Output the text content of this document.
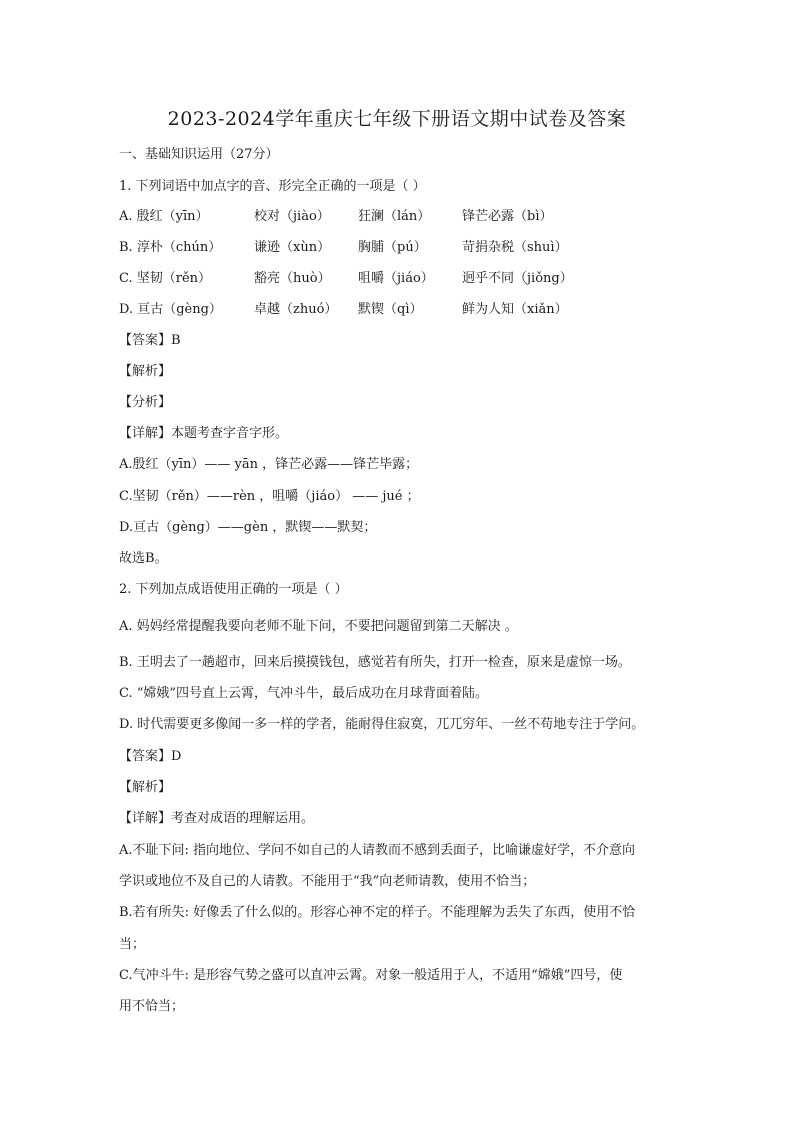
2023-2024学年重庆七年级下册语文期中试卷及答案
一、基础知识运用（27分）
1. 下列词语中加点字的音、形完全正确的一项是（ ）
A. 殷红（yīn）	校对（jiào） 狂澜（lán） 锋芒必露（bì）
B. 淳朴（chún）	谦逊（xùn） 胸脯（pú）	苛捐杂税（shuì）
C. 坚韧（rěn）	豁亮（huò） 咀嚼（jiáo） 迥乎不同（jiǒng）
D. 亘古（gèng） 卓越（zhuó） 默锲（qì）	鲜为人知（xiǎn）
【答案】B
【解析】
【分析】
【详解】本题考查字音字形。
A.殷红（yīn）—— yān ，锋芒必露——锋芒毕露；
C.坚韧（rěn）——rèn ，咀嚼（jiáo） —— jué ；
D.亘古（gèng）——gèn ，默锲——默契；
故选B。
2. 下列加点成语使用正确的一项是（ ）
A. 妈妈经常提醒我要向老师不耻下问，不要把问题留到第二天解决 。
B. 王明去了一趟超市，回来后摸摸钱包，感觉若有所失，打开一检查，原来是虚惊一场。
C. “嫦娥”四号直上云霄，气冲斗牛，最后成功在月球背面着陆。
D. 时代需要更多像闻一多一样的学者，能耐得住寂寞，兀兀穷年、一丝不苟地专注于学问。
【答案】D
【解析】
【详解】考查对成语的理解运用。
A.不耻下问: 指向地位、学问不如自己的人请教而不感到丢面子，比喻谦虚好学，不介意向
学识或地位不及自己的人请教。不能用于“我”向老师请教，使用不恰当；
B.若有所失: 好像丢了什么似的。形容心神不定的样子。不能理解为丢失了东西，使用不恰
当；
C.气冲斗牛: 是形容气势之盛可以直冲云霄。对象一般适用于人，不适用“嫦娥”四号，使
用不恰当；
